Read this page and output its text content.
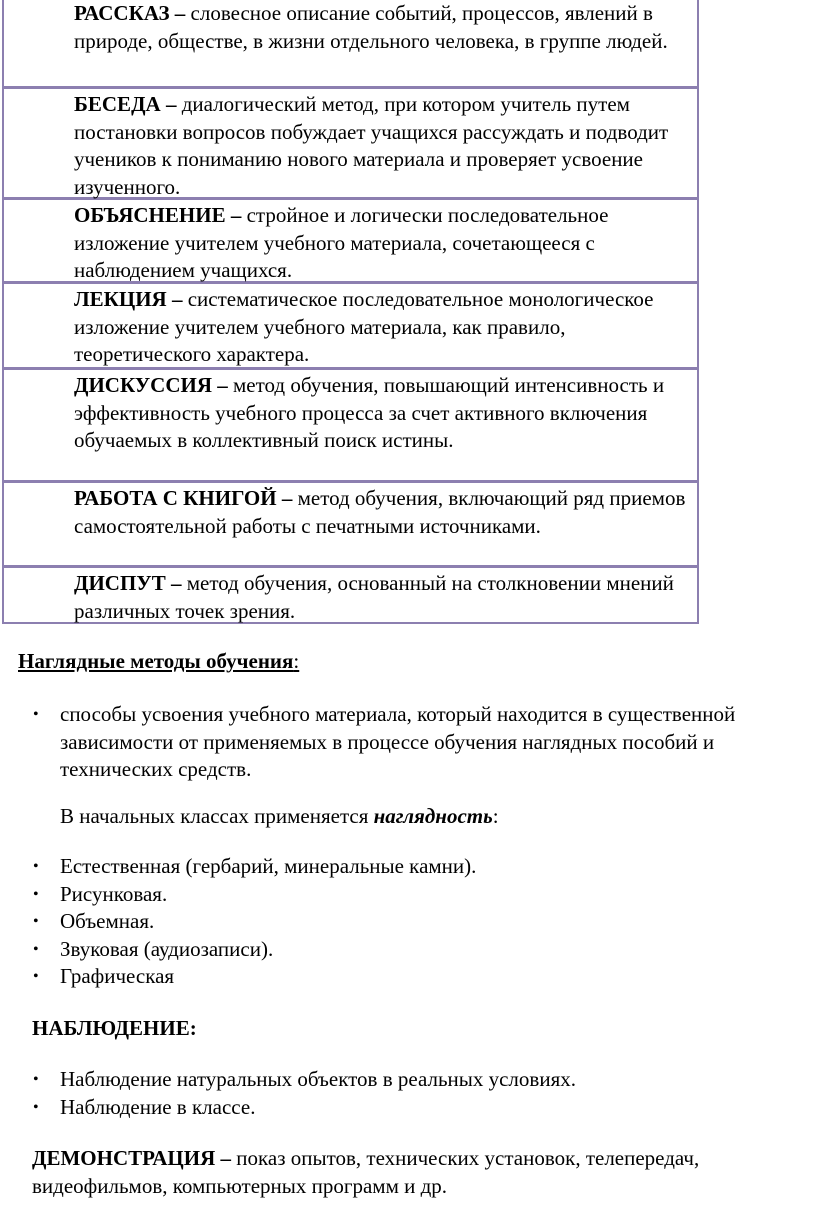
РАССКАЗ – словесное описание событий, процессов, явлений в природе, обществе, в жизни отдельного человека, в группе людей.
БЕСЕДА – диалогический метод, при котором учитель путем постановки вопросов побуждает учащихся рассуждать и подводит учеников к пониманию нового материала и проверяет усвоение изученного.
ОБЪЯСНЕНИЕ – стройное и логически последовательное изложение учителем учебного материала, сочетающееся с наблюдением учащихся.
ЛЕКЦИЯ – систематическое последовательное монологическое изложение учителем учебного материала, как правило, теоретического характера.
ДИСКУССИЯ – метод обучения, повышающий интенсивность и эффективность учебного процесса за счет активного включения обучаемых в коллективный поиск истины.
РАБОТА С КНИГОЙ – метод обучения, включающий ряд приемов самостоятельной работы с печатными источниками.
ДИСПУТ – метод обучения, основанный на столкновении мнений различных точек зрения.
Наглядные методы обучения:
• способы усвоения учебного материала, который находится в существенной зависимости от применяемых в процессе обучения наглядных пособий и технических средств.
В начальных классах применяется наглядность:
• Естественная (гербарий, минеральные камни).
• Рисунковая.
• Объемная.
• Звуковая (аудиозаписи).
• Графическая
НАБЛЮДЕНИЕ:
• Наблюдение натуральных объектов в реальных условиях.
• Наблюдение в классе.
ДЕМОНСТРАЦИЯ – показ опытов, технических установок, телепередач, видеофильмов, компьютерных программ и др.
